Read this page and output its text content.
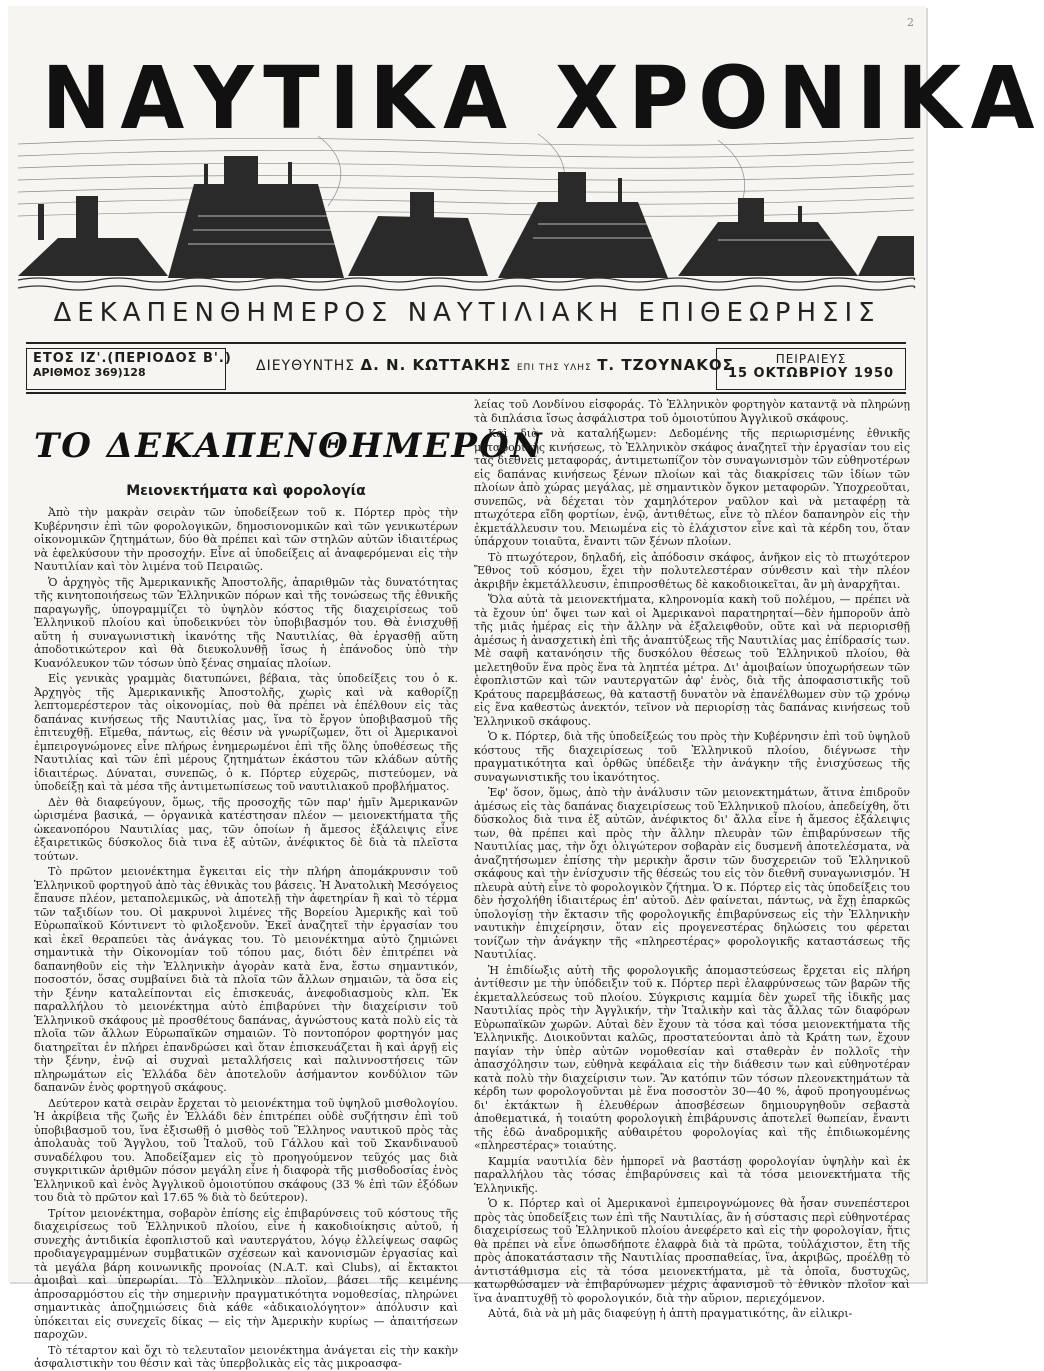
2
ΝΑΥΤΙΚΑ ΧΡΟΝΙΚΑ
ΔΕΚΑΠΕΝΘΗΜΕΡΟΣ ΝΑΥΤΙΛΙΑΚΗ ΕΠΙΘΕΩΡΗΣΙΣ
ΕΤΟΣ ΙΖ'.(ΠΕΡΙΟΔΟΣ Β'.)
ΑΡΙΘΜΟΣ 369)128	ΔΙΕΥΘΥΝΤΗΣ Δ. Ν. ΚΩΤΤΑΚΗΣ ΕΠΙ ΤΗΣ ΥΛΗΣ Τ. ΤΖΟΥΝΑΚΟΣ	ΠΕΙΡΑΙΕΥΣ
15 ΟΚΤΩΒΡΙΟΥ 1950
ΤΟ ΔΕΚΑΠΕΝΘΗΜΕΡΟΝ
Μειονεκτήματα καὶ φορολογία

Ἀπὸ τὴν μακρὰν σειρὰν τῶν ὑποδείξεων τοῦ κ. Πόρτερ πρὸς τὴν Κυβέρνησιν ἐπὶ τῶν φορολογικῶν, δημοσιονομικῶν καὶ τῶν γενικωτέρων οἰκονομικῶν ζητημάτων, δύο θὰ πρέπει καὶ τῶν στηλῶν αὐτῶν ἰδιαιτέρως νὰ ἐφελκύσουν τὴν προσοχήν. Εἶνε αἱ ὑποδείξεις αἱ ἀναφερόμεναι εἰς τὴν Ναυτιλίαν καὶ τὸν λιμένα τοῦ Πειραιῶς.

Ὁ ἀρχηγὸς τῆς Ἀμερικανικῆς Ἀποστολῆς, ἀπαριθμῶν τὰς δυνατότητας τῆς κινητοποιήσεως τῶν Ἑλληνικῶν πόρων καὶ τῆς τονώσεως τῆς ἐθνικῆς παραγωγῆς, ὑπογραμμίζει τὸ ὑψηλὸν κόστος τῆς διαχειρίσεως τοῦ Ἑλληνικοῦ πλοίου καὶ ὑποδεικνύει τὸν ὑποβιβασμόν του. Θὰ ἐνισχυθῇ αὕτη ἡ συναγωνιστικὴ ἱκανότης τῆς Ναυτιλίας, θὰ ἐργασθῇ αὕτη ἀποδοτικώτερον καὶ θὰ διευκολυνθῇ ἴσως ἡ ἐπάνοδος ὑπὸ τὴν Κυανόλευκον τῶν τόσων ὑπὸ ξένας σημαίας πλοίων.

Εἰς γενικὰς γραμμὰς διατυπώνει, βέβαια, τὰς ὑποδείξεις του ὁ κ. Ἀρχηγὸς τῆς Ἀμερικανικῆς Ἀποστολῆς, χωρὶς καὶ νὰ καθορίζῃ λεπτομερέστερον τὰς οἰκονομίας, ποὺ θὰ πρέπει νὰ ἐπέλθουν εἰς τὰς δαπάνας κινήσεως τῆς Ναυτιλίας μας, ἵνα τὸ ἔργον ὑποβιβασμοῦ τῆς ἐπιτευχθῇ. Εἴμεθα, πάντως, εἰς θέσιν νὰ γνωρίζωμεν, ὅτι οἱ Ἀμερικανοὶ ἐμπειρογνώμονες εἶνε πλήρως ἐνημερωμένοι ἐπὶ τῆς ὅλης ὑποθέσεως τῆς Ναυτιλίας καὶ τῶν ἐπὶ μέρους ζητημάτων ἑκάστου τῶν κλάδων αὐτῆς ἰδιαιτέρως. Δύναται, συνεπῶς, ὁ κ. Πόρτερ εὐχερῶς, πιστεύομεν, νὰ ὑποδείξῃ καὶ τὰ μέσα τῆς ἀντιμετωπίσεως τοῦ ναυτιλιακοῦ προβλήματος.

Δὲν θὰ διαφεύγουν, ὅμως, τῆς προσοχῆς τῶν παρ' ἡμῖν Ἀμερικανῶν ὡρισμένα βασικά, — ὀργανικὰ κατέστησαν πλέον — μειονεκτήματα τῆς ὠκεανοπόρου Ναυτιλίας μας, τῶν ὁποίων ἡ ἄμεσος ἐξάλειψις εἶνε ἐξαιρετικῶς δύσκολος διὰ τινα ἐξ αὐτῶν, ἀνέφικτος δὲ διὰ τὰ πλεῖστα τούτων.

Τὸ πρῶτον μειονέκτημα ἔγκειται εἰς τὴν πλήρη ἀπομάκρυνσιν τοῦ Ἑλληνικοῦ φορτηγοῦ ἀπὸ τὰς ἐθνικὰς του βάσεις. Ἡ Ἀνατολικὴ Μεσόγειος ἔπαυσε πλέον, μεταπολεμικῶς, νὰ ἀποτελῇ τὴν ἀφετηρίαν ἢ καὶ τὸ τέρμα τῶν ταξιδίων του. Οἱ μακρυνοὶ λιμένες τῆς Βορείου Ἀμερικῆς καὶ τοῦ Εὐρωπαϊκοῦ Κόντινεντ τὸ φιλοξενοῦν. Ἐκεῖ ἀναζητεῖ τὴν ἐργασίαν του καὶ ἐκεῖ θεραπεύει τὰς ἀνάγκας του. Τὸ μειονέκτημα αὐτὸ ζημιώνει σημαντικὰ τὴν Οἰκονομίαν τοῦ τόπου μας, διότι δὲν ἐπιτρέπει νὰ δαπανηθοῦν εἰς τὴν Ἑλληνικὴν ἀγορὰν κατὰ ἔνα, ἔστω σημαντικόν, ποσοστόν, ὅσας συμβαίνει διὰ τὰ πλοῖα τῶν ἄλλων σημαιῶν, τὰ ὅσα εἰς τὴν ξένην καταλείπονται εἰς ἐπισκευάς, ἀνεφοδιασμοὺς κλπ. Ἐκ παραλλήλου τὸ μειονέκτημα αὐτὸ ἐπιβαρύνει τὴν διαχείρισιν τοῦ Ἑλληνικοῦ σκάφους μὲ προσθέτους δαπάνας, ἀγνώστους κατὰ πολὺ εἰς τὰ πλοῖα τῶν ἄλλων Εὐρωπαϊκῶν σημαιῶν. Τὸ ποντοπόρον φορτηγόν μας διατηρεῖται ἐν πλήρει ἐπανδρώσει καὶ ὅταν ἐπισκευάζεται ἢ καὶ ἀργῇ εἰς τὴν ξένην, ἐνῷ αἱ συχναὶ μεταλλήσεις καὶ παλιννοστήσεις τῶν πληρωμάτων εἰς Ἑλλάδα δὲν ἀποτελοῦν ἀσήμαντον κονδύλιον τῶν δαπανῶν ἑνὸς φορτηγοῦ σκάφους.

Δεύτερον κατὰ σειρὰν ἔρχεται τὸ μειονέκτημα τοῦ ὑψηλοῦ μισθολογίου. Ἡ ἀκρίβεια τῆς ζωῆς ἐν Ἑλλάδι δὲν ἐπιτρέπει οὐδὲ συζήτησιν ἐπὶ τοῦ ὑποβιβασμοῦ του, ἵνα ἐξισωθῇ ὁ μισθὸς τοῦ Ἕλληνος ναυτικοῦ πρὸς τὰς ἀπολαυὰς τοῦ Ἄγγλου, τοῦ Ἰταλοῦ, τοῦ Γάλλου καὶ τοῦ Σκανδιναυοῦ συναδέλφου του. Ἀποδείξαμεν εἰς τὸ προηγούμενον τεῦχός μας διὰ συγκριτικῶν ἀριθμῶν πόσον μεγάλη εἶνε ἡ διαφορὰ τῆς μισθοδοσίας ἑνὸς Ἑλληνικοῦ καὶ ἑνὸς Ἀγγλικοῦ ὁμοιοτύπου σκάφους (33 % ἐπὶ τῶν ἐξόδων του διὰ τὸ πρῶτον καὶ 17.65 % διὰ τὸ δεύτερον).

Τρίτον μειονέκτημα, σοβαρὸν ἐπίσης εἰς ἐπιβαρύνσεις τοῦ κόστους τῆς διαχειρίσεως τοῦ Ἑλληνικοῦ πλοίου, εἶνε ἡ κακοδιοίκησις αὐτοῦ, ἡ συνεχὴς ἀντιδικία ἐφοπλιστοῦ καὶ ναυτεργάτου, λόγῳ ἐλλείψεως σαφῶς προδιαγεγραμμένων συμβατικῶν σχέσεων καὶ κανονισμῶν ἐργασίας καὶ τὰ μεγάλα βάρη κοινωνικῆς προνοίας (Ν.Α.Τ. καὶ Clubs), αἱ ἔκτακτοι ἀμοιβαὶ καὶ ὑπερωρίαι. Τὸ Ἑλληνικὸν πλοῖον, βάσει τῆς κειμένης ἀπροσαρμόστου εἰς τὴν σημερινὴν πραγματικότητα νομοθεσίας, πληρώνει σημαντικὰς ἀποζημιώσεις διὰ κάθε «ἀδικαιολόγητον» ἀπόλυσιν καὶ ὑπόκειται εἰς συνεχεῖς δίκας — εἰς τὴν Ἀμερικὴν κυρίως — ἀπαιτήσεων παροχῶν.

Τὸ τέταρτον καὶ ὄχι τὸ τελευταῖον μειονέκτημα ἀνάγεται εἰς τὴν κακὴν ἀσφαλιστικὴν του θέσιν καὶ τὰς ὑπερβολικὰς εἰς τὰς μικροασφα-

λείας τοῦ Λονδίνου εἰσφοράς. Τὸ Ἑλληνικὸν φορτηγὸν καταντᾷ νὰ πληρώνῃ τὰ διπλάσια ἴσως ἀσφάλιστρα τοῦ ὁμοιοτύπου Ἀγγλικοῦ σκάφους.

Καὶ διὰ νὰ καταλήξωμεν: Δεδομένης τῆς περιωρισμένης ἐθνικῆς μεταφορικῆς κινήσεως, τὸ Ἑλληνικὸν σκάφος ἀναζητεῖ τὴν ἐργασίαν του εἰς τὰς διεθνεῖς μεταφοράς, ἀντιμετωπίζον τὸν συναγωνισμὸν τῶν εὐθηνοτέρων εἰς δαπάνας κινήσεως ξένων πλοίων καὶ τὰς διακρίσεις τῶν ἰδίων τῶν πλοίων ἀπὸ χώρας μεγάλας, μὲ σημαντικὸν ὄγκον μεταφορῶν. Ὑποχρεοῦται, συνεπῶς, νὰ δέχεται τὸν χαμηλότερον ναῦλον καὶ νὰ μεταφέρῃ τὰ πτωχότερα εἴδη φορτίων, ἐνῷ, ἀντιθέτως, εἶνε τὸ πλέον δαπανηρὸν εἰς τὴν ἐκμετάλλευσιν του. Μειωμένα εἰς τὸ ἐλάχιστον εἶνε καὶ τὰ κέρδη του, ὅταν ὑπάρχουν τοιαῦτα, ἔναντι τῶν ξένων πλοίων.

Τὸ πτωχότερον, δηλαδή, εἰς ἀπόδοσιν σκάφος, ἀνῆκον εἰς τὸ πτωχότερον Ἔθνος τοῦ κόσμου, ἔχει τὴν πολυτελεστέραν σύνθεσιν καὶ τὴν πλέον ἀκριβῆν ἐκμετάλλευσιν, ἐπιπροσθέτως δὲ κακοδιοικεῖται, ἂν μὴ ἀναρχῆται.

Ὅλα αὐτὰ τὰ μειονεκτήματα, κληρονομία κακὴ τοῦ πολέμου, — πρέπει νὰ τὰ ἔχουν ὑπ' ὄψει των καὶ οἱ Ἀμερικανοὶ παρατηρηταί—δὲν ἠμποροῦν ἀπὸ τῆς μιᾶς ἡμέρας εἰς τὴν ἄλλην νὰ ἐξαλειφθοῦν, οὔτε καὶ νὰ περιορισθῇ ἀμέσως ἡ ἀνασχετικὴ ἐπὶ τῆς ἀναπτύξεως τῆς Ναυτιλίας μας ἐπίδρασίς των. Μὲ σαφῆ κατανόησιν τῆς δυσκόλου θέσεως τοῦ Ἑλληνικοῦ πλοίου, θὰ μελετηθοῦν ἕνα πρὸς ἕνα τὰ ληπτέα μέτρα. Δι' ἀμοιβαίων ὑποχωρήσεων τῶν ἐφοπλιστῶν καὶ τῶν ναυτεργατῶν ἀφ' ἑνὸς, διὰ τῆς ἀποφασιστικῆς τοῦ Κράτους παρεμβάσεως, θὰ καταστῇ δυνατὸν νὰ ἐπανέλθωμεν σὺν τῷ χρόνῳ εἰς ἕνα καθεστὼς ἀνεκτόν, τεῖνον νὰ περιορίσῃ τὰς δαπάνας κινήσεως τοῦ Ἑλληνικοῦ σκάφους.

Ὁ κ. Πόρτερ, διὰ τῆς ὑποδείξεώς του πρὸς τὴν Κυβέρνησιν ἐπὶ τοῦ ὑψηλοῦ κόστους τῆς διαχειρίσεως τοῦ Ἑλληνικοῦ πλοίου, διέγνωσε τὴν πραγματικότητα καὶ ὀρθῶς ὑπέδειξε τὴν ἀνάγκην τῆς ἐνισχύσεως τῆς συναγωνιστικῆς του ἱκανότητος.

Ἐφ' ὅσον, ὅμως, ἀπὸ τὴν ἀνάλυσιν τῶν μειονεκτημάτων, ἅτινα ἐπιδροῦν ἀμέσως εἰς τὰς δαπάνας διαχειρίσεως τοῦ Ἑλληνικοῦ πλοίου, ἀπεδείχθη, ὅτι δύσκολος διὰ τινα ἐξ αὐτῶν, ἀνέφικτος δι' ἄλλα εἶνε ἡ ἄμεσος ἐξάλειψις των, θὰ πρέπει καὶ πρὸς τὴν ἄλλην πλευρὰν τῶν ἐπιβαρύνσεων τῆς Ναυτιλίας μας, τὴν ὄχι ὀλιγώτερον σοβαρὰν εἰς δυσμενῆ ἀποτελέσματα, νὰ ἀναζητήσωμεν ἐπίσης τὴν μερικὴν ἄρσιν τῶν δυσχερειῶν τοῦ Ἑλληνικοῦ σκάφους καὶ τὴν ἐνίσχυσιν τῆς θέσεώς του εἰς τὸν διεθνῆ συναγωνισμόν. Ἡ πλευρὰ αὐτὴ εἶνε τὸ φορολογικὸν ζήτημα. Ὁ κ. Πόρτερ εἰς τὰς ὑποδείξεις του δὲν ἠσχολήθη ἰδιαιτέρως ἐπ' αὐτοῦ. Δὲν φαίνεται, πάντως, νὰ ἔχῃ ἐπαρκῶς ὑπολογίσῃ τὴν ἔκτασιν τῆς φορολογικῆς ἐπιβαρύνσεως εἰς τὴν Ἑλληνικὴν ναυτικὴν ἐπιχείρησιν, ὅταν εἰς προγενεστέρας δηλώσεις του φέρεται τονίζων τὴν ἀνάγκην τῆς «πληρεστέρας» φορολογικῆς καταστάσεως τῆς Ναυτιλίας.

Ἡ ἐπιδίωξις αὐτὴ τῆς φορολογικῆς ἀπομαστεύσεως ἔρχεται εἰς πλήρη ἀντίθεσιν με τὴν ὑπόδειξιν τοῦ κ. Πόρτερ περὶ ἐλαφρύνσεως τῶν βαρῶν τῆς ἐκμεταλλεύσεως τοῦ πλοίου. Σύγκρισις καμμία δὲν χωρεῖ τῆς ἰδικῆς μας Ναυτιλίας πρὸς τὴν Ἀγγλικήν, τὴν Ἰταλικὴν καὶ τὰς ἄλλας τῶν διαφόρων Εὐρωπαϊκῶν χωρῶν. Αὐταὶ δὲν ἔχουν τὰ τόσα καὶ τόσα μειονεκτήματα τῆς Ἑλληνικῆς. Διοικοῦνται καλῶς, προστατεύονται ἀπὸ τὰ Κράτη των, ἔχουν παγίαν τὴν ὑπὲρ αὐτῶν νομοθεσίαν καὶ σταθερὰν ἐν πολλοῖς τὴν ἀπασχόλησιν των, εὐθηνὰ κεφάλαια εἰς τὴν διάθεσιν των καὶ εὐθηνοτέραν κατὰ πολὺ τὴν διαχείρισιν των. Ἂν κατόπιν τῶν τόσων πλεονεκτημάτων τὰ κέρδη των φορολογοῦνται μὲ ἕνα ποσοστὸν 30—40 %, ἀφοῦ προηγουμένως δι' ἐκτάκτων ἢ ἐλευθέρων ἀποσβέσεων δημιουργηθοῦν σεβαστὰ ἀποθεματικά, ἡ τοιαύτη φορολογικὴ ἐπιβάρυνσις ἀποτελεῖ θωπείαν, ἔναντι τῆς ἐδῶ ἀναδρομικῆς αὐθαιρέτου φορολογίας καὶ τῆς ἐπιδιωκομένης «πληρεστέρας» τοιαύτης.

Καμμία ναυτιλία δὲν ἠμπορεῖ νὰ βαστάσῃ φορολογίαν ὑψηλὴν καὶ ἐκ παραλλήλου τὰς τόσας ἐπιβαρύνσεις καὶ τὰ τόσα μειονεκτήματα τῆς Ἑλληνικῆς.

Ὁ κ. Πόρτερ καὶ οἱ Ἀμερικανοὶ ἐμπειρογνώμονες θὰ ἦσαν συνεπέστεροι πρὸς τὰς ὑποδείξεις των ἐπὶ τῆς Ναυτιλίας, ἂν ἡ σύστασις περὶ εὐθηνοτέρας διαχειρίσεως τοῦ Ἑλληνικοῦ πλοίου ἀνεφέρετο καὶ εἰς τὴν φορολογίαν, ἥτις θὰ πρέπει νὰ εἶνε ὁπωσδήποτε ἐλαφρὰ διὰ τὰ πρῶτα, τοὐλάχιστον, ἔτη τῆς πρὸς ἀποκατάστασιν τῆς Ναυτιλίας προσπαθείας, ἵνα, ἀκριβῶς, προέλθῃ τὸ ἀντιστάθμισμα εἰς τὰ τόσα μειονεκτήματα, μὲ τὰ ὁποῖα, δυστυχῶς, κατωρθώσαμεν νὰ ἐπιβαρύνωμεν μέχρις ἀφανισμοῦ τὸ ἐθνικὸν πλοῖον καὶ ἵνα ἀναπτυχθῇ τὸ φορολογικόν, διὰ τὴν αὔριον, περιεχόμενον.

Αὐτά, διὰ νὰ μὴ μᾶς διαφεύγῃ ἡ ἀπτὴ πραγματικότης, ἂν εἰλικρι-
